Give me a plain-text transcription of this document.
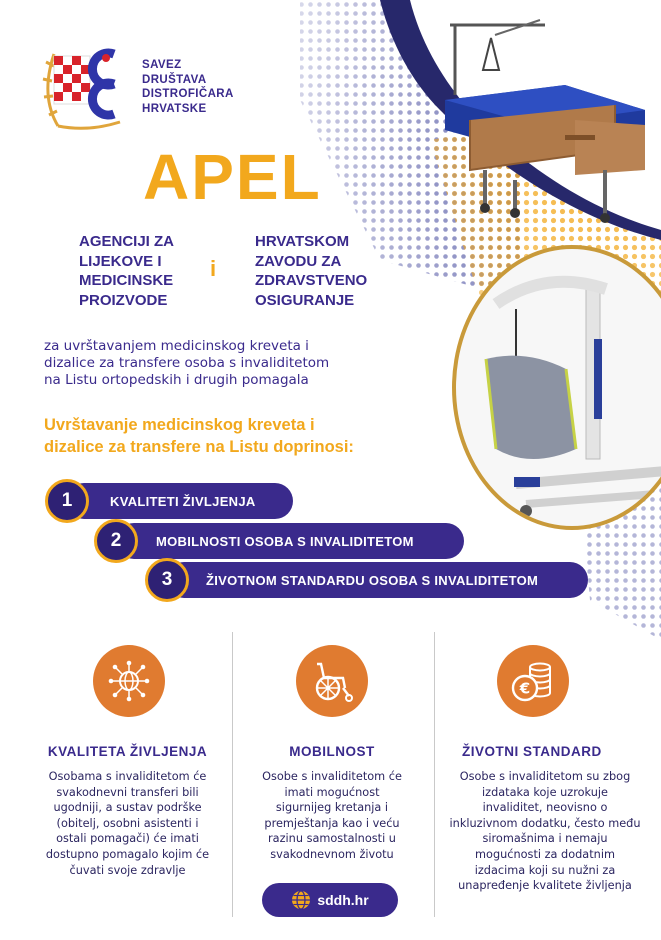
SAVEZ
DRUŠTAVA
DISTROFIČARA
HRVATSKE
APEL
AGENCIJI ZA
LIJEKOVE I
MEDICINSKE
PROIZVODE
i
HRVATSKOM
ZAVODU ZA
ZDRAVSTVENO
OSIGURANJE
za uvrštavanjem medicinskog kreveta i
dizalice za transfere osoba s invaliditetom
na Listu ortopedskih i drugih pomagala
Uvrštavanje medicinskog kreveta i
dizalice za transfere na Listu doprinosi:
KVALITETI ŽIVLJENJA
1
MOBILNOSTI OSOBA S INVALIDITETOM
2
ŽIVOTNOM STANDARDU OSOBA S INVALIDITETOM
3
KVALITETA ŽIVLJENJA
Osobama s invaliditetom će
svakodnevni transferi bili
ugodniji, a sustav podrške
(obitelj, osobni asistenti i
ostali pomagači) će imati
dostupno pomagalo kojim će
čuvati svoje zdravlje
MOBILNOST
Osobe s invaliditetom će
imati mogućnost
sigurnijeg kretanja i
premještanja kao i veću
razinu samostalnosti u
svakodnevnom životu
€
ŽIVOTNI STANDARD
Osobe s invaliditetom su zbog
izdataka koje uzrokuje
invaliditet, neovisno o
inkluzivnom dodatku, često među
siromašnima i nemaju
mogućnosti za dodatnim
izdacima koji su nužni za
unapređenje kvalitete življenja
sddh.hr
